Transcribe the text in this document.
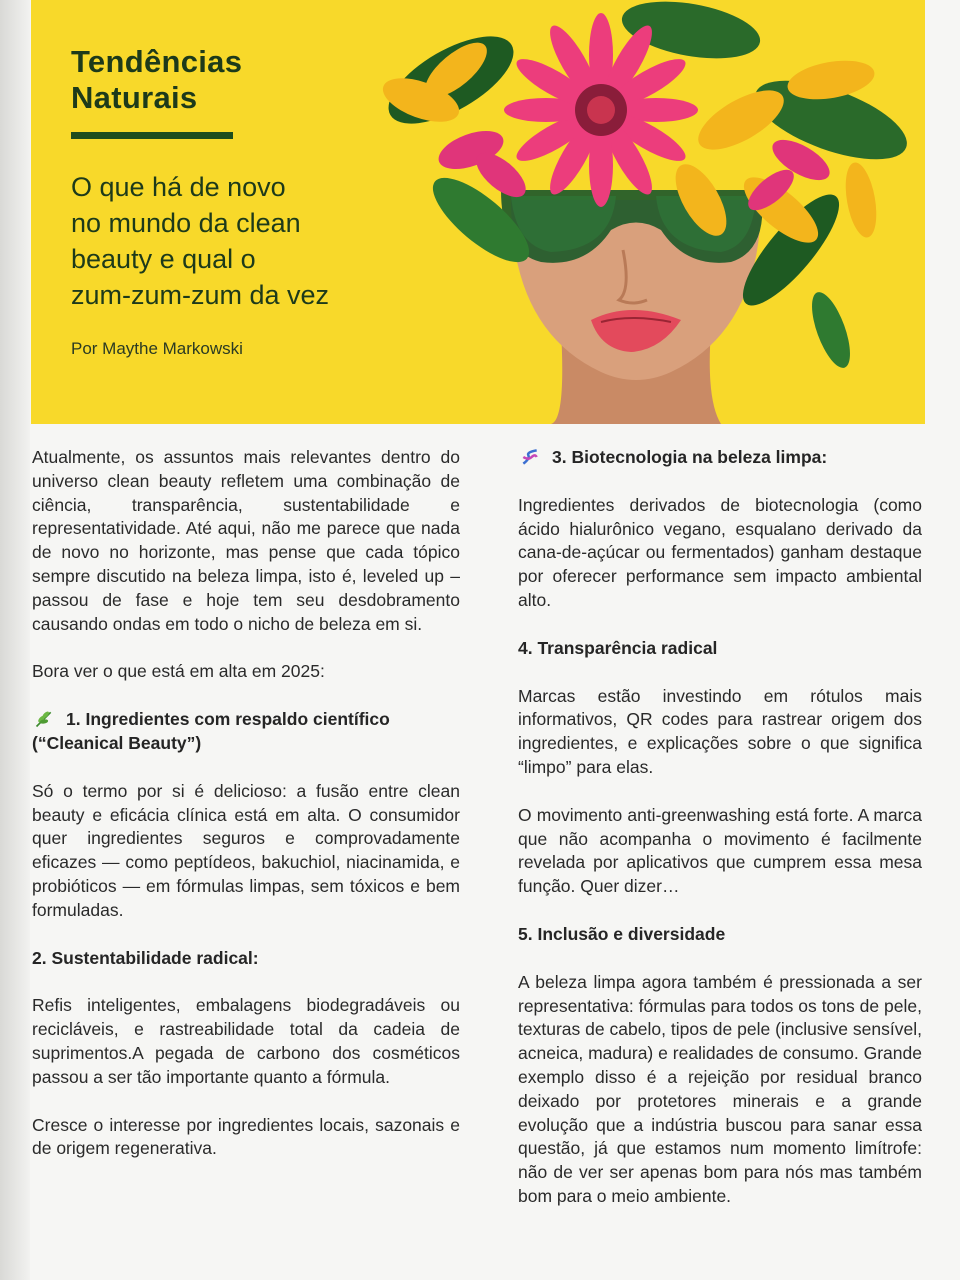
Tendências
Naturais
O que há de novo
no mundo da clean
beauty e qual o
zum-zum-zum da vez
Por Maythe Markowski

Atualmente, os assuntos mais relevantes dentro do universo clean beauty refletem uma combinação de ciência, transparência, sustentabilidade e representatividade. Até aqui, não me parece que nada de novo no horizonte, mas pense que cada tópico sempre discutido na beleza limpa, isto é, leveled up – passou de fase e hoje tem seu desdobramento causando ondas em todo o nicho de beleza em si.

Bora ver o que está em alta em 2025:

1. Ingredientes com respaldo científico (“Cleanical Beauty”)

Só o termo por si é delicioso: a fusão entre clean beauty e eficácia clínica está em alta. O consumidor quer ingredientes seguros e comprovadamente eficazes — como peptídeos, bakuchiol, niacinamida, e probióticos — em fórmulas limpas, sem tóxicos e bem formuladas.

2. Sustentabilidade radical:

Refis inteligentes, embalagens biodegradáveis ou recicláveis, e rastreabilidade total da cadeia de suprimentos.A pegada de carbono dos cosméticos passou a ser tão importante quanto a fórmula.

Cresce o interesse por ingredientes locais, sazonais e de origem regenerativa.

3. Biotecnologia na beleza limpa:

Ingredientes derivados de biotecnologia (como ácido hialurônico vegano, esqualano derivado da cana-de-açúcar ou fermentados) ganham destaque por oferecer performance sem impacto ambiental alto.

4. Transparência radical

Marcas estão investindo em rótulos mais informativos, QR codes para rastrear origem dos ingredientes, e explicações sobre o que significa “limpo” para elas.

O movimento anti-greenwashing está forte. A marca que não acompanha o movimento é facilmente revelada por aplicativos que cumprem essa mesa função. Quer dizer…

5. Inclusão e diversidade

A beleza limpa agora também é pressionada a ser representativa: fórmulas para todos os tons de pele, texturas de cabelo, tipos de pele (inclusive sensível, acneica, madura) e realidades de consumo. Grande exemplo disso é a rejeição por residual branco deixado por protetores minerais e a grande evolução que a indústria buscou para sanar essa questão, já que estamos num momento limítrofe: não de ver ser apenas bom para nós mas também bom para o meio ambiente.
